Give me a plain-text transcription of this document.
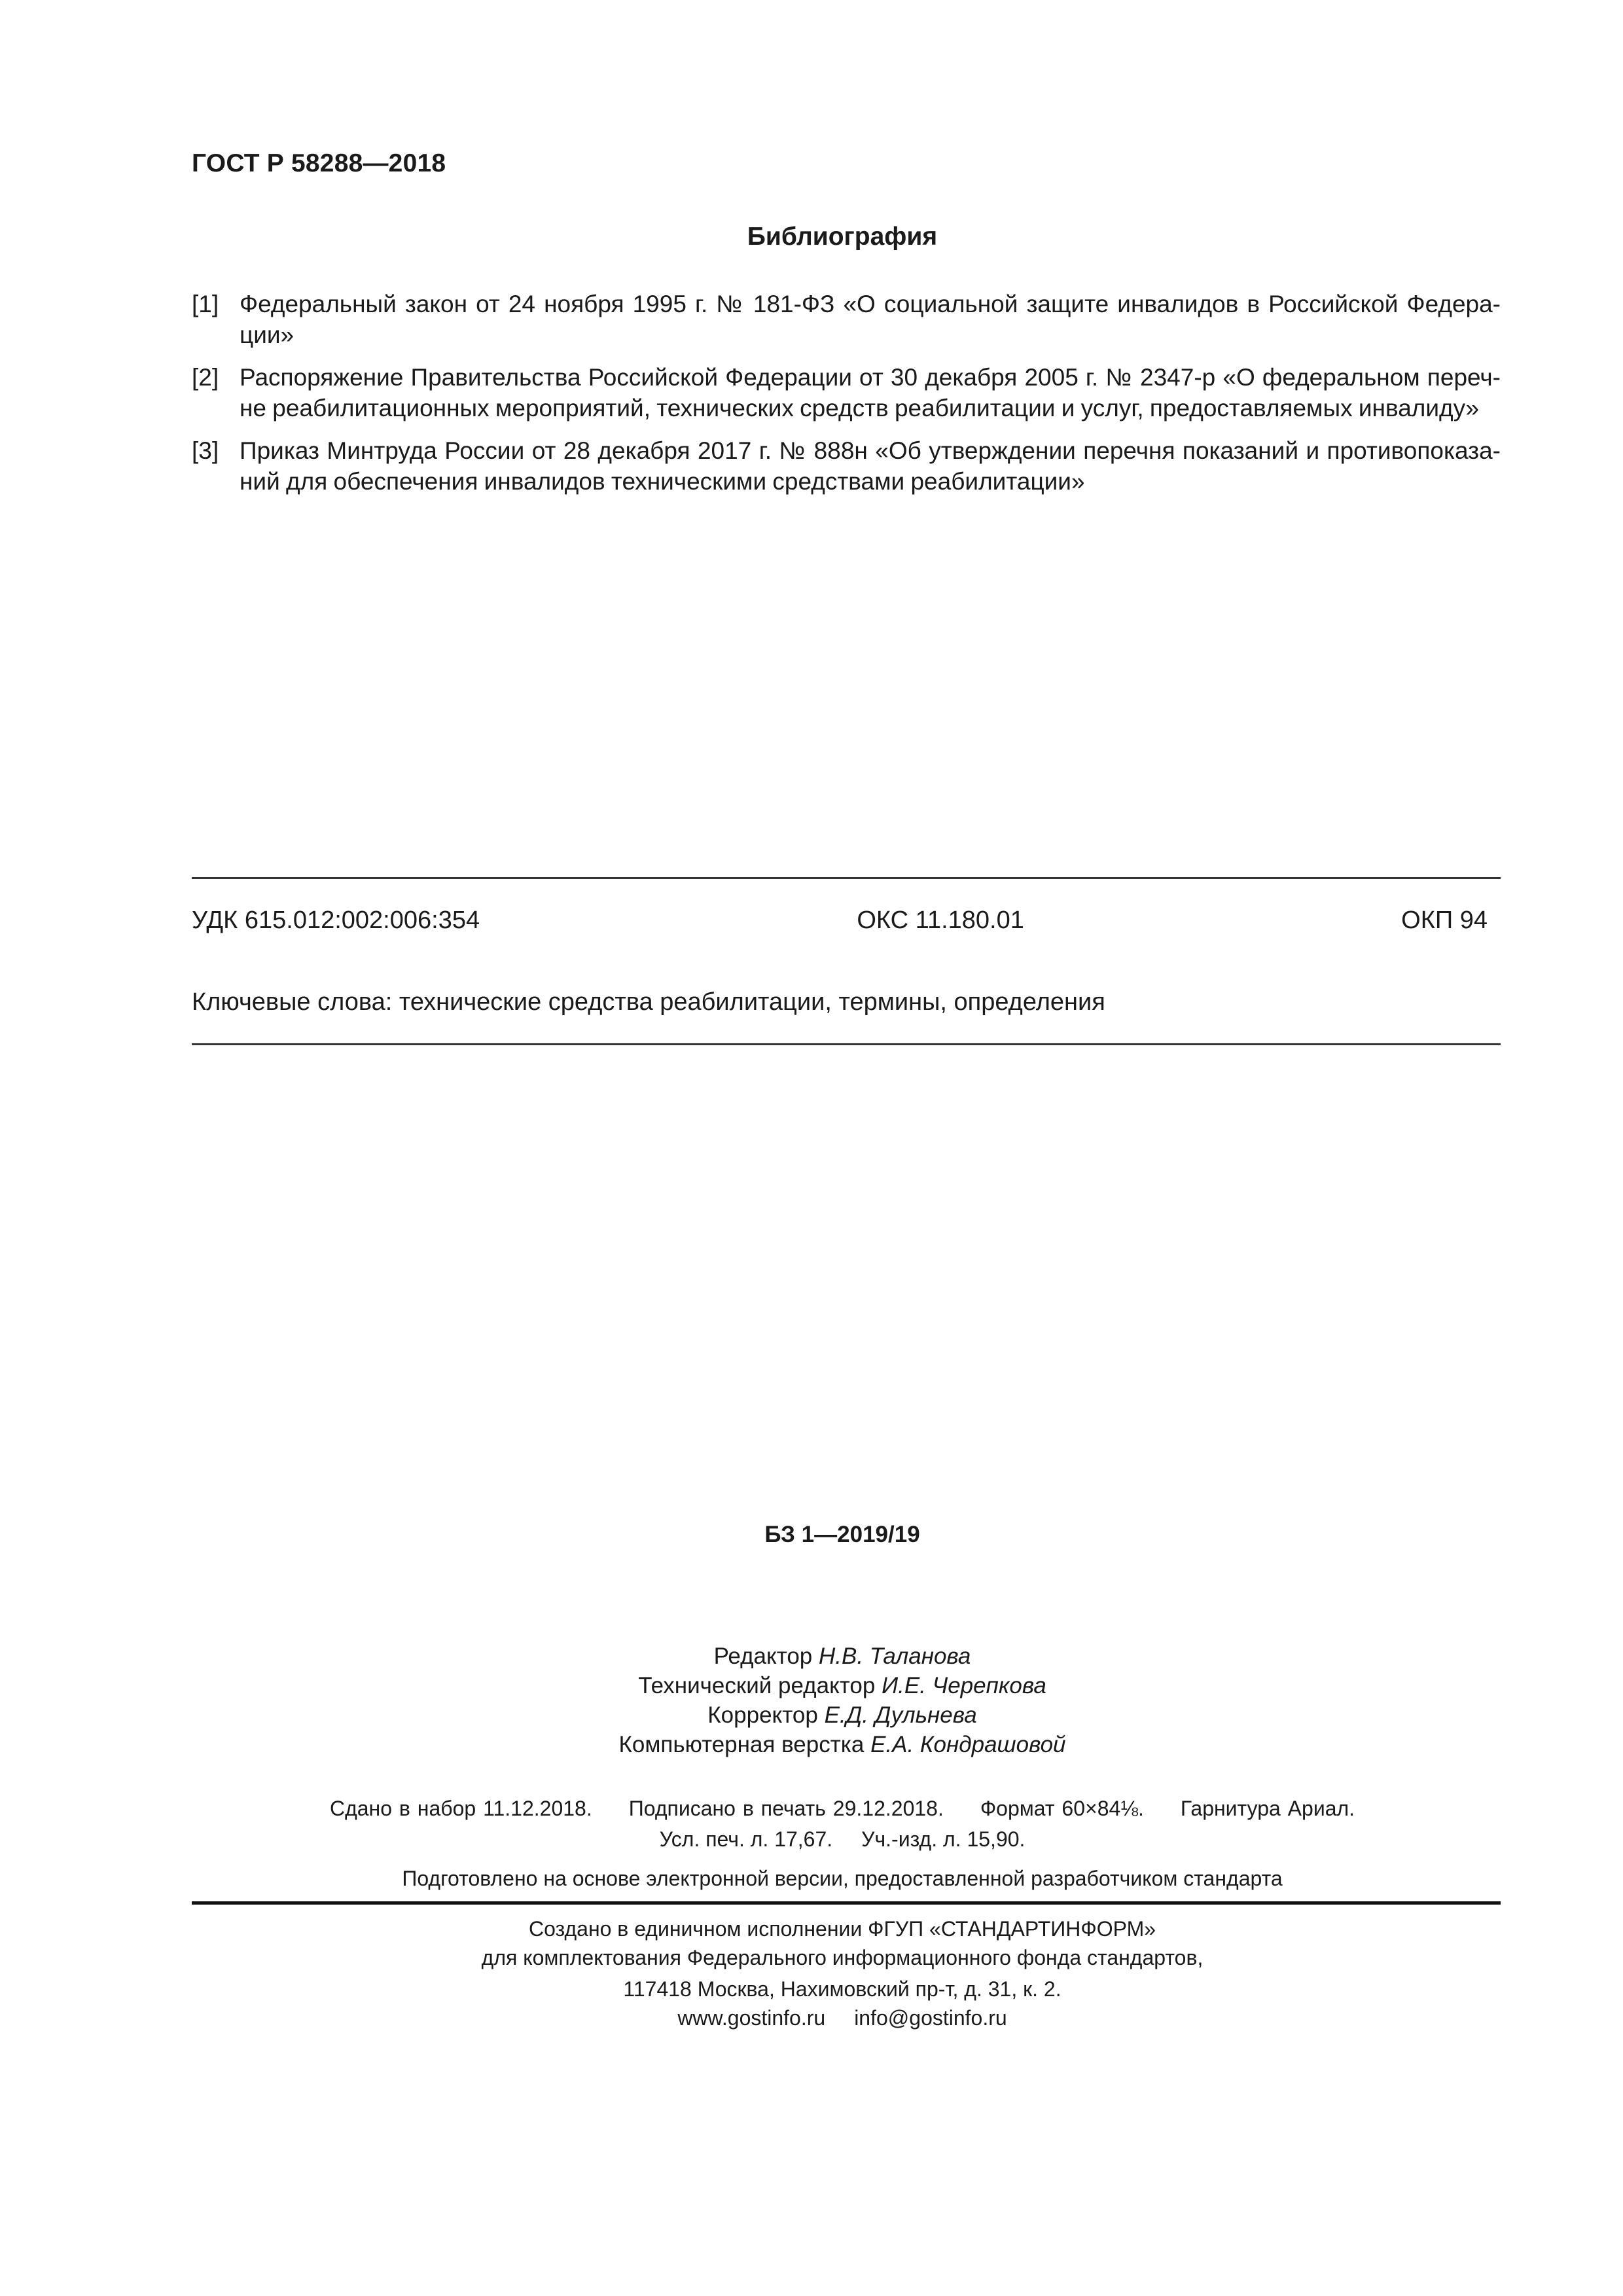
ГОСТ Р 58288—2018
Библиография
[1] Федеральный закон от 24 ноября 1995 г. № 181-ФЗ «О социальной защите инвалидов в Российской Федера- ции»
[2] Распоряжение Правительства Российской Федерации от 30 декабря 2005 г. № 2347-р «О федеральном переч- не реабилитационных мероприятий, технических средств реабилитации и услуг, предоставляемых инвалиду»
[3] Приказ Минтруда России от 28 декабря 2017 г. № 888н «Об утверждении перечня показаний и противопоказа- ний для обеспечения инвалидов техническими средствами реабилитации»
УДК 615.012:002:006:354	ОКС 11.180.01	ОКП 94
Ключевые слова: технические средства реабилитации, термины, определения
БЗ 1—2019/19
Редактор Н.В. Таланова
Технический редактор И.Е. Черепкова
Корректор Е.Д. Дульнева
Компьютерная верстка Е.А. Кондрашовой
Сдано в набор 11.12.2018. Подписано в печать 29.12.2018. Формат 60×84⅛. Гарнитура Ариал.
Усл. печ. л. 17,67. Уч.-изд. л. 15,90.
Подготовлено на основе электронной версии, предоставленной разработчиком стандарта
Создано в единичном исполнении ФГУП «СТАНДАРТИНФОРМ»
для комплектования Федерального информационного фонда стандартов,
117418 Москва, Нахимовский пр-т, д. 31, к. 2.
www.gostinfo.ru info@gostinfo.ru
